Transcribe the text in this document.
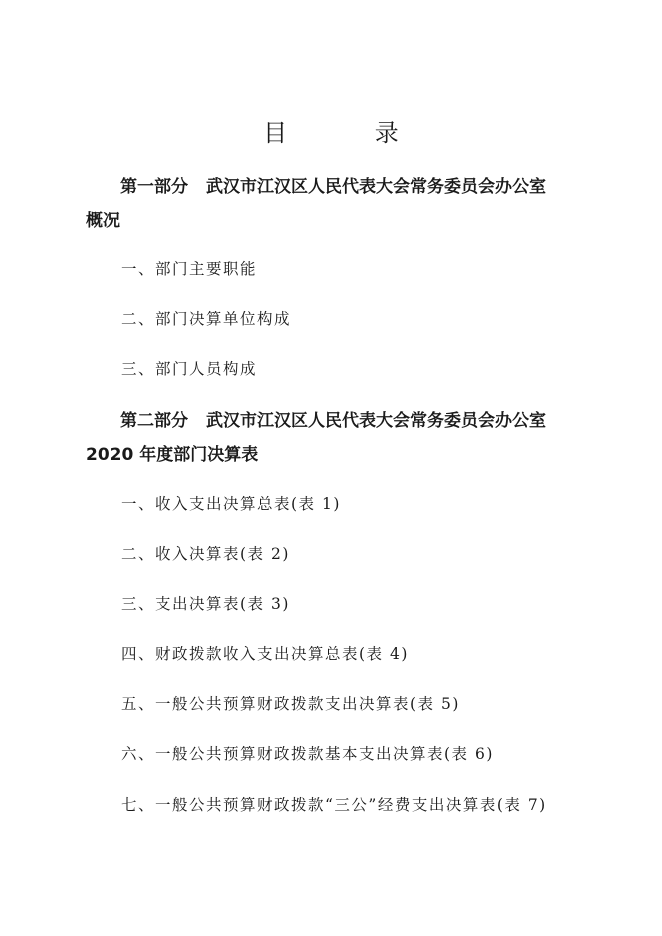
目 录
第一部分 武汉市江汉区人民代表大会常务委员会办公室
概况

一、部门主要职能

二、部门决算单位构成

三、部门人员构成

第二部分 武汉市江汉区人民代表大会常务委员会办公室
2020 年度部门决算表

一、收入支出决算总表(表 1)

二、收入决算表(表 2)

三、支出决算表(表 3)

四、财政拨款收入支出决算总表(表 4)

五、一般公共预算财政拨款支出决算表(表 5)

六、一般公共预算财政拨款基本支出决算表(表 6)

七、一般公共预算财政拨款“三公”经费支出决算表(表 7)
